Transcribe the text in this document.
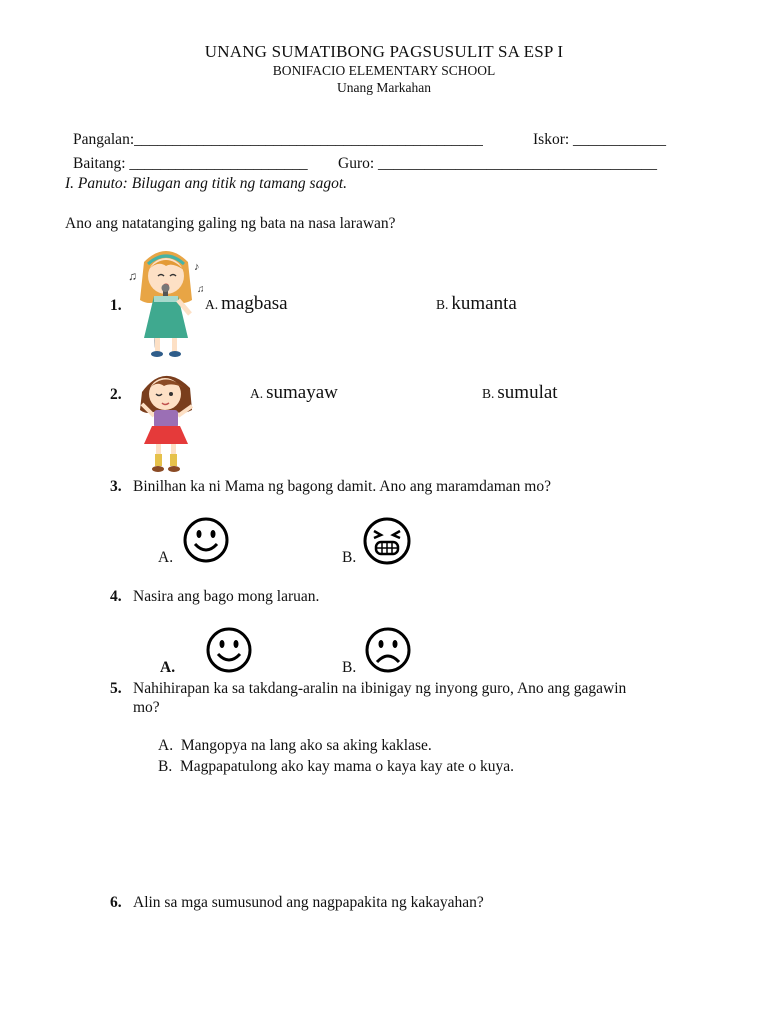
UNANG SUMATIBONG PAGSUSULIT SA ESP I
BONIFACIO ELEMENTARY SCHOOL
Unang Markahan
Pangalan:_____________________________________________	Iskor: ____________
Baitang: _______________________ Guro: ____________________________________
I. Panuto: Bilugan ang titik ng tamang sagot.
Ano ang natatanging galing ng bata na nasa larawan?
1.
♫
♪
♫
A. magbasa	B. kumanta
2.	A. sumayaw	B. sumulat
3. Binilhan ka ni Mama ng bagong damit. Ano ang maramdaman mo?
A.	B.
4. Nasira ang bago mong laruan.
A.	B.
5. Nahihirapan ka sa takdang-aralin na ibinigay ng inyong guro, Ano ang gagawin
mo?
A. Mangopya na lang ako sa aking kaklase.
B. Magpapatulong ako kay mama o kaya kay ate o kuya.
6. Alin sa mga sumusunod ang nagpapakita ng kakayahan?
